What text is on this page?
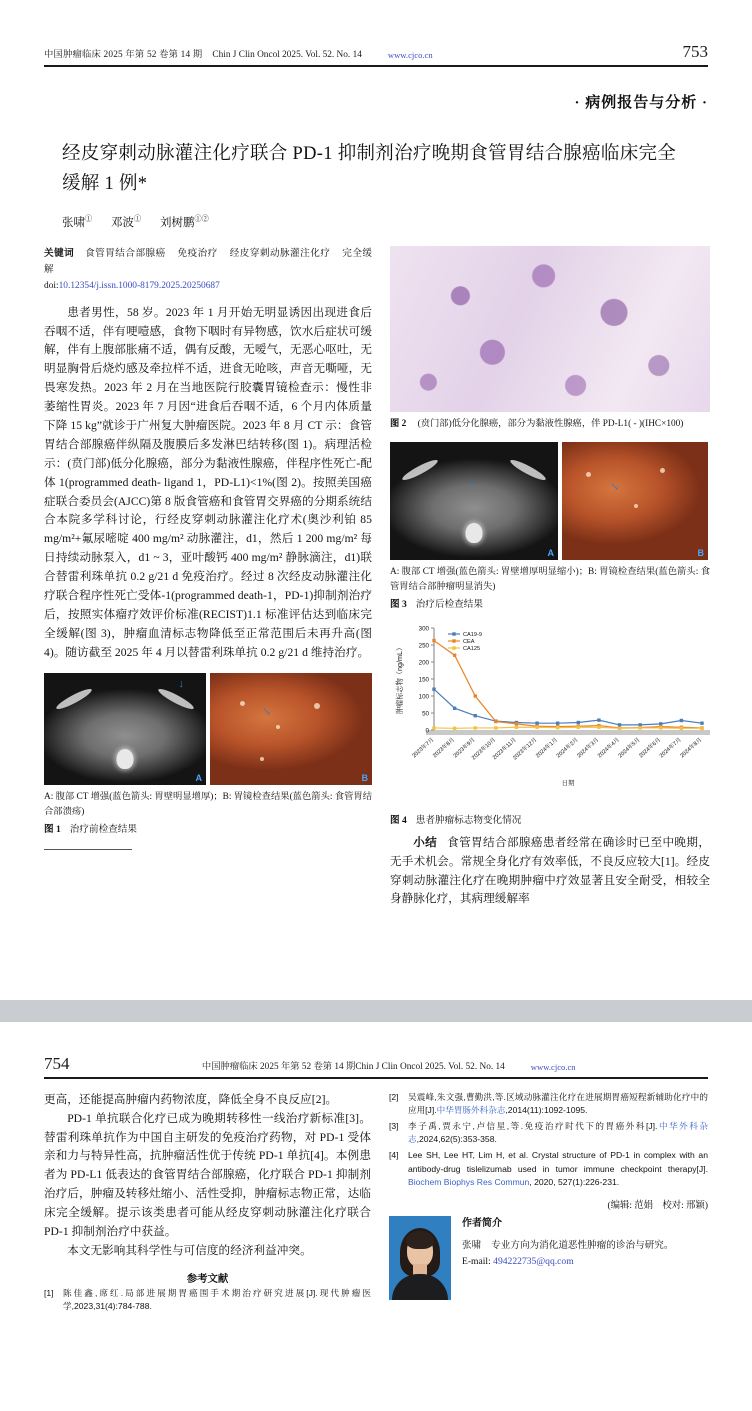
中国肿瘤临床 2025 年第 52 卷第 14 期 Chin J Clin Oncol 2025. Vol. 52. No. 14	www.cjco.cn	753
· 病例报告与分析 ·
经皮穿刺动脉灌注化疗联合 PD-1 抑制剂治疗晚期食管胃结合腺癌临床完全缓解 1 例*
张啸① 邓波① 刘树鹏①②
关键词 食管胃结合部腺癌 免疫治疗 经皮穿刺动脉灌注化疗 完全缓解
doi:10.12354/j.issn.1000-8179.2025.20250687
患者男性，58 岁。2023 年 1 月开始无明显诱因出现进食后吞咽不适，伴有哽噎感，食物下咽时有异物感，饮水后症状可缓解，伴有上腹部胀痛不适，偶有反酸，无嗳气，无恶心呕吐，无明显胸骨后烧灼感及牵拉样不适，进食无呛咳，声音无嘶哑，无畏寒发热。2023 年 2 月在当地医院行胶囊胃镜检查示：慢性非萎缩性胃炎。2023 年 7 月因“进食后吞咽不适，6 个月内体质量下降 15 kg”就诊于广州复大肿瘤医院。2023 年 8 月 CT 示：食管胃结合部腺癌伴纵隔及腹膜后多发淋巴结转移(图 1)。病理活检示：(贲门部)低分化腺癌，部分为黏液性腺癌，伴程序性死亡-配体 1(programmed death- ligand 1，PD-L1)<1%(图 2)。按照美国癌症联合委员会(AJCC)第 8 版食管癌和食管胃交界癌的分期系统结合本院多学科讨论，行经皮穿刺动脉灌注化疗术(奥沙利铂 85 mg/m²+氟尿嘧啶 400 mg/m² 动脉灌注，d1，然后 1 200 mg/m² 每日持续动脉泵入，d1 ~ 3，亚叶酸钙 400 mg/m² 静脉滴注，d1)联合替雷利珠单抗 0.2 g/21 d 免疫治疗。经过 8 次经皮动脉灌注化疗联合程序性死亡受体-1(programmed death-1，PD-1)抑制剂治疗后，按照实体瘤疗效评价标准(RECIST)1.1 标准评估达到临床完全缓解(图 3)，肿瘤血清标志物降低至正常范围后未再升高(图 4)。随访截至 2025 年 4 月以替雷利珠单抗 0.2 g/21 d 维持治疗。
↓
A
↘
B
A: 腹部 CT 增强(蓝色箭头: 胃壁明显增厚)；B: 胃镜检查结果(蓝色箭头: 食管胃结合部溃疡)
图 1 治疗前检查结果
图 2 (贲门部)低分化腺癌，部分为黏液性腺癌，伴 PD-L1( - )(IHC×100)
←
A
↘
B
A: 腹部 CT 增强(蓝色箭头: 胃壁增厚明显缩小)；B: 胃镜检查结果(蓝色箭头: 食管胃结合部肿瘤明显消失)
图 3 治疗后检查结果
0
50
100
150
200
250
300
肿瘤标志物（ng/mL）
2023年7月
2023年8月
2023年9月
2023年10月
2023年11月
2023年12月
2024年1月
2024年2月
2024年3月
2024年4月
2024年5月
2024年6月
2024年7月
2024年8月
日期
CA19-9
CEA
CA125
图 4 患者肿瘤标志物变化情况
小结 食管胃结合部腺癌患者经常在确诊时已至中晚期，无手术机会。常规全身化疗有效率低，不良反应较大[1]。经皮穿刺动脉灌注化疗在晚期肿瘤中疗效显著且安全耐受，相较全身静脉化疗，其病理缓解率
754	中国肿瘤临床 2025 年第 52 卷第 14 期 Chin J Clin Oncol 2025. Vol. 52. No. 14	www.cjco.cn
更高，还能提高肿瘤内药物浓度，降低全身不良反应[2]。
PD-1 单抗联合化疗已成为晚期转移性一线治疗新标准[3]。替雷利珠单抗作为中国自主研发的免疫治疗药物，对 PD-1 受体亲和力与特异性高，抗肿瘤活性优于传统 PD-1 单抗[4]。本例患者为 PD-L1 低表达的食管胃结合部腺癌，化疗联合 PD-1 抑制剂治疗后，肿瘤及转移灶缩小、活性受抑，肿瘤标志物正常，达临床完全缓解。提示该类患者可能从经皮穿刺动脉灌注化疗联合 PD-1 抑制剂治疗中获益。
本文无影响其科学性与可信度的经济利益冲突。
参考文献
[1]	陈佳鑫,席红.局部进展期胃癌围手术期治疗研究进展[J].现代肿瘤医学,2023,31(4):784-788.
[2]	吴震峰,朱文强,曹勤洪,等.区域动脉灌注化疗在进展期胃癌短程新辅助化疗中的应用[J].中华胃肠外科杂志,2014(11):1092-1095.
[3]	李子禹,贾永宁,卢信星,等.免疫治疗时代下的胃癌外科[J].中华外科杂志,2024,62(5):353-358.
[4]	Lee SH, Lee HT, Lim H, et al. Crystal structure of PD-1 in complex with an antibody-drug tislelizumab used in tumor immune checkpoint therapy[J]. Biochem Biophys Res Commun, 2020, 527(1):226-231.
(编辑: 范娟　校对: 邢颖)
作者简介
张啸 专业方向为消化道恶性肿瘤的诊治与研究。
E-mail: 494222735@qq.com
